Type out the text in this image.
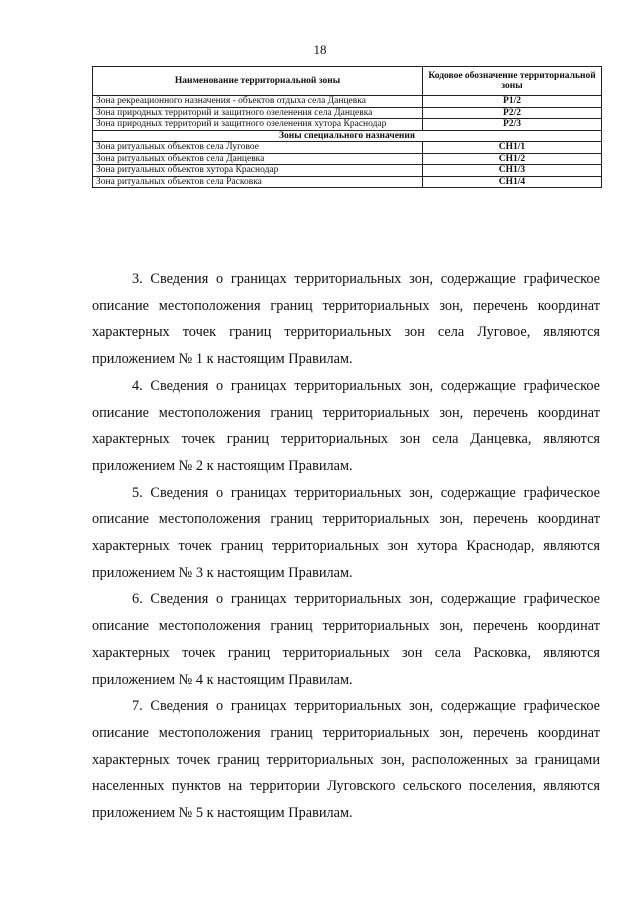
18
Наименование территориальной зоны	Кодовое обозначение территориальной зоны
Зона рекреационного назначения - объектов отдыха села Данцевка	Р1/2
Зона природных территорий и защитного озеленения села Данцевка	Р2/2
Зона природных территорий и защитного озеленения хутора Краснодар	Р2/3
Зоны специального назначения	
Зона ритуальных объектов села Луговое	СН1/1
Зона ритуальных объектов села Данцевка	СН1/2
Зона ритуальных объектов хутора Краснодар	СН1/3
Зона ритуальных объектов села Расковка	СН1/4

3. Сведения о границах территориальных зон, содержащие графическое описание местоположения границ территориальных зон, перечень координат характерных точек границ территориальных зон села Луговое, являются приложением № 1 к настоящим Правилам.

4. Сведения о границах территориальных зон, содержащие графическое описание местоположения границ территориальных зон, перечень координат характерных точек границ территориальных зон села Данцевка, являются приложением № 2 к настоящим Правилам.

5. Сведения о границах территориальных зон, содержащие графическое описание местоположения границ территориальных зон, перечень координат характерных точек границ территориальных зон хутора Краснодар, являются приложением № 3 к настоящим Правилам.

6. Сведения о границах территориальных зон, содержащие графическое описание местоположения границ территориальных зон, перечень координат характерных точек границ территориальных зон села Расковка, являются приложением № 4 к настоящим Правилам.

7. Сведения о границах территориальных зон, содержащие графическое описание местоположения границ территориальных зон, перечень координат характерных точек границ территориальных зон, расположенных за границами населенных пунктов на территории Луговского сельского поселения, являются приложением № 5 к настоящим Правилам.
